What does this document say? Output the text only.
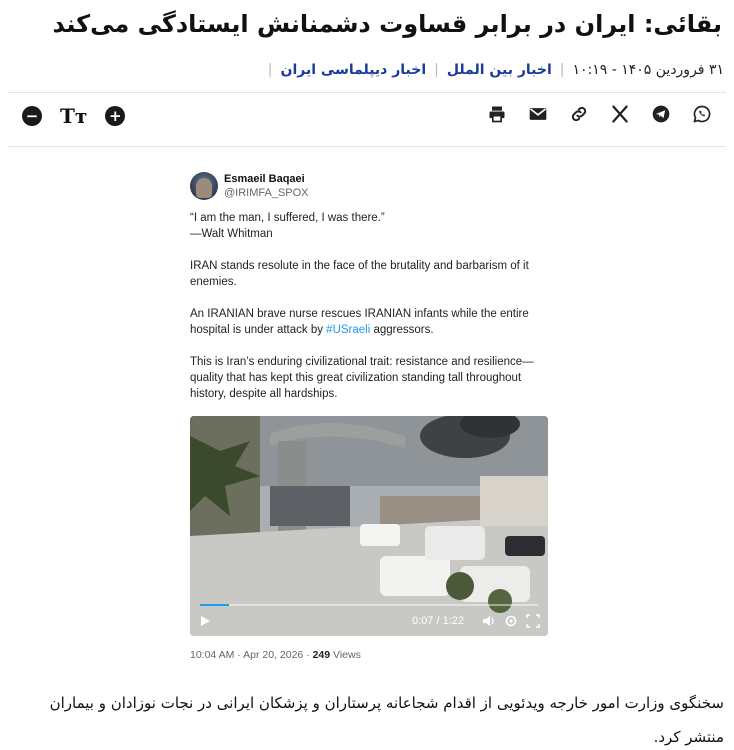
بقائی: ایران در برابر قساوت دشمنانش ایستادگی می‌کند
۳۱ فروردین ۱۴۰۵ - ۱۰:۱۹
|
اخبار بین الملل
|
اخبار دیپلماسی ایران
|
− Tт +
Esmaeil Baqaei
@IRIMFA_SPOX

“I am the man, I suffered, I was there.”
—Walt Whitman

IRAN stands resolute in the face of the brutality and barbarism of it enemies.

An IRANIAN brave nurse rescues IRANIAN infants while the entire hospital is under attack by #USraeli aggressors.

This is Iran’s enduring civilizational trait: resistance and resilience—quality that has kept this great civilization standing tall throughout history, despite all hardships.

0:07 / 1:22
10:04 AM · Apr 20, 2026 · 249 Views

سخنگوی وزارت امور خارجه ویدئویی از اقدام شجاعانه پرستاران و پزشکان ایرانی در نجات نوزادان و بیماران منتشر کرد.
